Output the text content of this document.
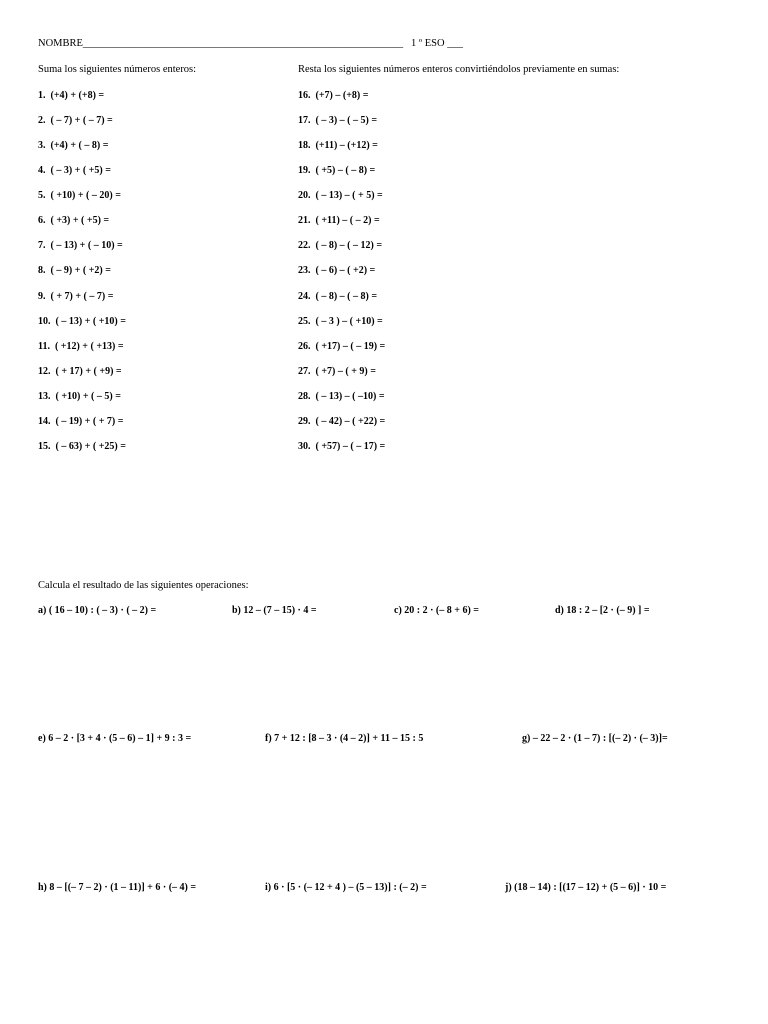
NOMBRE_____________________________________________________________ 1 º ESO ___
Suma los siguientes números enteros:	Resta los siguientes números enteros convirtiéndolos previamente en sumas:
1. (+4) + (+8) =
2. ( – 7) + ( – 7) =
3. (+4) + ( – 8) =
4. ( – 3) + ( +5) =
5. ( +10) + ( – 20) =
6. ( +3) + ( +5) =
7. ( – 13) + ( – 10) =
8. ( – 9) + ( +2) =
9. ( + 7) + ( – 7) =
10. ( – 13) + ( +10) =
11. ( +12) + ( +13) =
12. ( + 17) + ( +9) =
13. ( +10) + ( – 5) =
14. ( – 19) + ( + 7) =
15. ( – 63) + ( +25) =
16. (+7) – (+8) =
17. ( – 3) – ( – 5) =
18. (+11) – (+12) =
19. ( +5) – ( – 8) =
20. ( – 13) – ( + 5) =
21. ( +11) – ( – 2) =
22. ( – 8) – ( – 12) =
23. ( – 6) – ( +2) =
24. ( – 8) – ( – 8) =
25. ( – 3 ) – ( +10) =
26. ( +17) – ( – 19) =
27. ( +7) – ( + 9) =
28. ( – 13) – ( –10) =
29. ( – 42) – ( +22) =
30. ( +57) – ( – 17) =
Calcula el resultado de las siguientes operaciones:
a) ( 16 – 10) : ( – 3) · ( – 2) =	b) 12 – (7 – 15) · 4 =	c) 20 : 2 · (– 8 + 6) =	d) 18 : 2 – [2 · (– 9) ] =
e) 6 – 2 · [3 + 4 · (5 – 6) – 1] + 9 : 3 =	f) 7 + 12 : [8 – 3 · (4 – 2)] + 11 – 15 : 5	g) – 22 – 2 · (1 – 7) : [(– 2) · (– 3)]=
h) 8 – [(– 7 – 2) · (1 – 11)] + 6 · (– 4) =	i) 6 · [5 · (– 12 + 4 ) – (5 – 13)] : (– 2) =	j) (18 – 14) : [(17 – 12) + (5 – 6)] · 10 =
